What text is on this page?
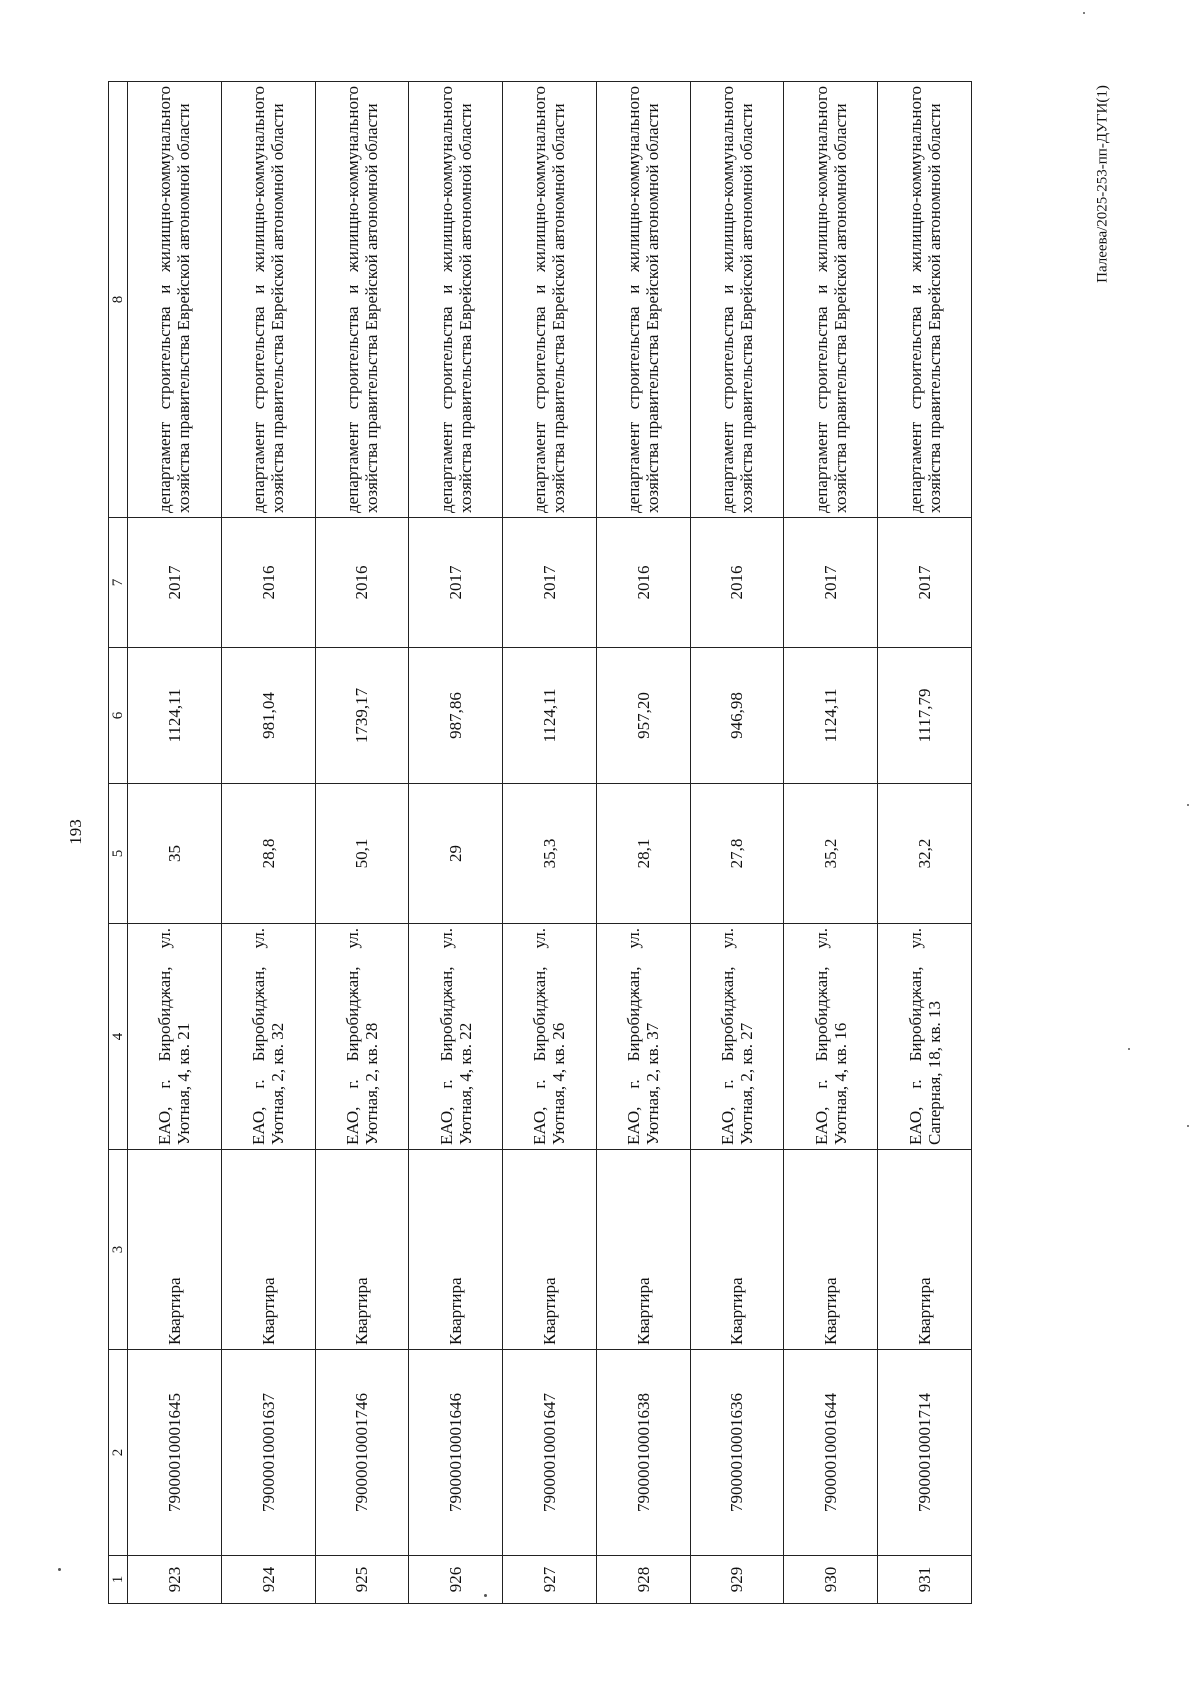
193
Палеева/2025-253-пп-ДУГИ(1)
1	2	3	4	5	6	7	8
923	79000010001645	Квартира	ЕАО, г. Биробиджан, ул. Уютная, 4, кв. 21	35	1124,11	2017	департамент строительства и жилищно-коммунального хозяйства правительства Еврейской автономной области
924	79000010001637	Квартира	ЕАО, г. Биробиджан, ул. Уютная, 2, кв. 32	28,8	981,04	2016	департамент строительства и жилищно-коммунального хозяйства правительства Еврейской автономной области
925	79000010001746	Квартира	ЕАО, г. Биробиджан, ул. Уютная, 2, кв. 28	50,1	1739,17	2016	департамент строительства и жилищно-коммунального хозяйства правительства Еврейской автономной области
926	79000010001646	Квартира	ЕАО, г. Биробиджан, ул. Уютная, 4, кв. 22	29	987,86	2017	департамент строительства и жилищно-коммунального хозяйства правительства Еврейской автономной области
927	79000010001647	Квартира	ЕАО, г. Биробиджан, ул. Уютная, 4, кв. 26	35,3	1124,11	2017	департамент строительства и жилищно-коммунального хозяйства правительства Еврейской автономной области
928	79000010001638	Квартира	ЕАО, г. Биробиджан, ул. Уютная, 2, кв. 37	28,1	957,20	2016	департамент строительства и жилищно-коммунального хозяйства правительства Еврейской автономной области
929	79000010001636	Квартира	ЕАО, г. Биробиджан, ул. Уютная, 2, кв. 27	27,8	946,98	2016	департамент строительства и жилищно-коммунального хозяйства правительства Еврейской автономной области
930	79000010001644	Квартира	ЕАО, г. Биробиджан, ул. Уютная, 4, кв. 16	35,2	1124,11	2017	департамент строительства и жилищно-коммунального хозяйства правительства Еврейской автономной области
931	79000010001714	Квартира	ЕАО, г. Биробиджан, ул. Саперная, 18, кв. 13	32,2	1117,79	2017	департамент строительства и жилищно-коммунального хозяйства правительства Еврейской автономной области
